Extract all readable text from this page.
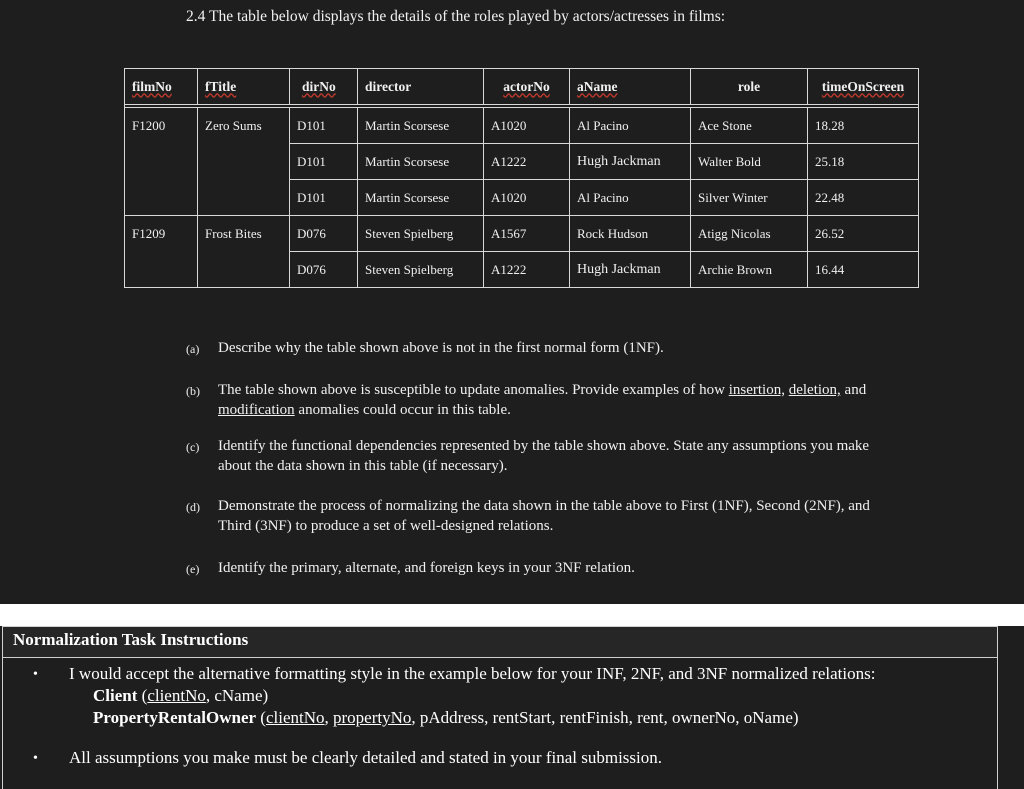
2.4 The table below displays the details of the roles played by actors/actresses in films:
filmNo	fTitle	dirNo	director	actorNo	aName	role	timeOnScreen

F1200	Zero Sums	D101	Martin Scorsese	A1020	Al Pacino	Ace Stone	18.28
		D101	Martin Scorsese	A1222	Hugh Jackman	Walter Bold	25.18
		D101	Martin Scorsese	A1020	Al Pacino	Silver Winter	22.48
F1209	Frost Bites	D076	Steven Spielberg	A1567	Rock Hudson	Atigg Nicolas	26.52
		D076	Steven Spielberg	A1222	Hugh Jackman	Archie Brown	16.44
(a) Describe why the table shown above is not in the first normal form (1NF).
(b) The table shown above is susceptible to update anomalies. Provide examples of how insertion, deletion, and modification anomalies could occur in this table.
(c) Identify the functional dependencies represented by the table shown above. State any assumptions you make about the data shown in this table (if necessary).
(d) Demonstrate the process of normalizing the data shown in the table above to First (1NF), Second (2NF), and Third (3NF) to produce a set of well-designed relations.
(e) Identify the primary, alternate, and foreign keys in your 3NF relation.
Normalization Task Instructions
• I would accept the alternative formatting style in the example below for your INF, 2NF, and 3NF normalized relations:
Client (clientNo, cName)
PropertyRentalOwner (clientNo, propertyNo, pAddress, rentStart, rentFinish, rent, ownerNo, oName)
• All assumptions you make must be clearly detailed and stated in your final submission.
